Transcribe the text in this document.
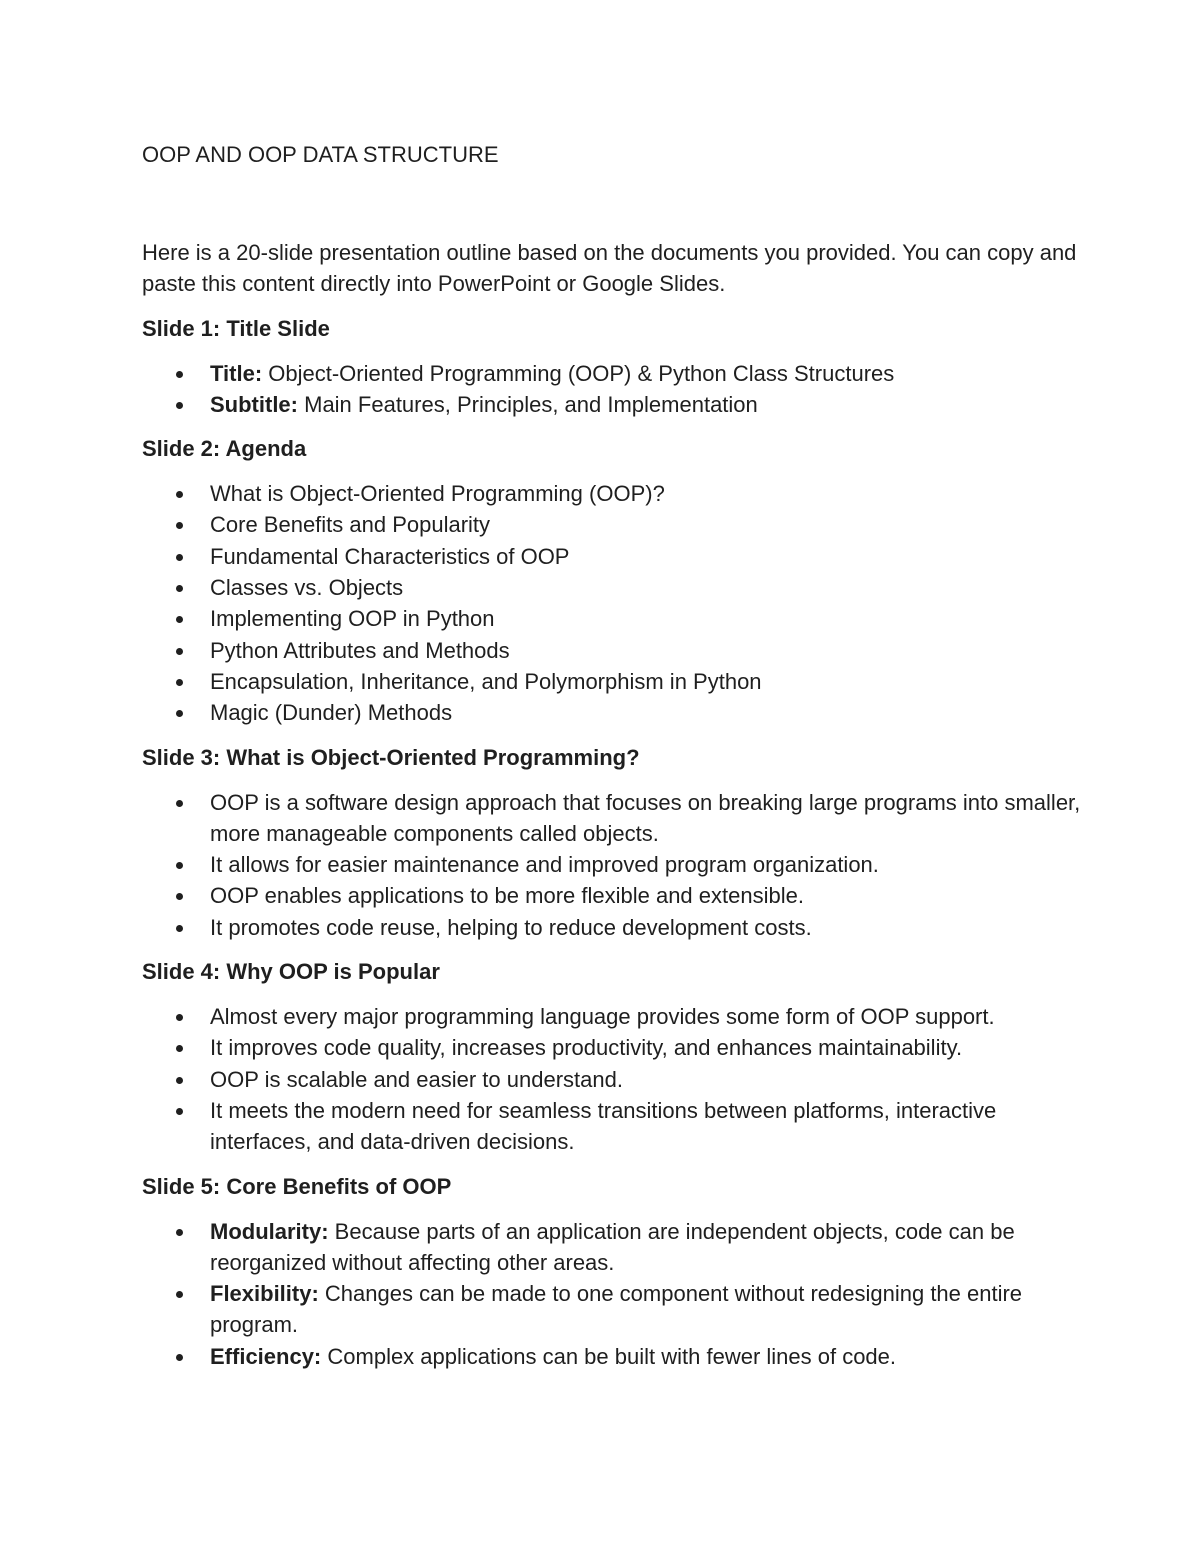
OOP AND OOP DATA STRUCTURE

Here is a 20-slide presentation outline based on the documents you provided. You can copy and paste this content directly into PowerPoint or Google Slides.

Slide 1: Title Slide
Title: Object-Oriented Programming (OOP) & Python Class Structures
Subtitle: Main Features, Principles, and Implementation
Slide 2: Agenda
What is Object-Oriented Programming (OOP)?
Core Benefits and Popularity
Fundamental Characteristics of OOP
Classes vs. Objects
Implementing OOP in Python
Python Attributes and Methods
Encapsulation, Inheritance, and Polymorphism in Python
Magic (Dunder) Methods
Slide 3: What is Object-Oriented Programming?
OOP is a software design approach that focuses on breaking large programs into smaller, more manageable components called objects.
It allows for easier maintenance and improved program organization.
OOP enables applications to be more flexible and extensible.
It promotes code reuse, helping to reduce development costs.
Slide 4: Why OOP is Popular
Almost every major programming language provides some form of OOP support.
It improves code quality, increases productivity, and enhances maintainability.
OOP is scalable and easier to understand.
It meets the modern need for seamless transitions between platforms, interactive interfaces, and data-driven decisions.
Slide 5: Core Benefits of OOP
Modularity: Because parts of an application are independent objects, code can be reorganized without affecting other areas.
Flexibility: Changes can be made to one component without redesigning the entire program.
Efficiency: Complex applications can be built with fewer lines of code.
